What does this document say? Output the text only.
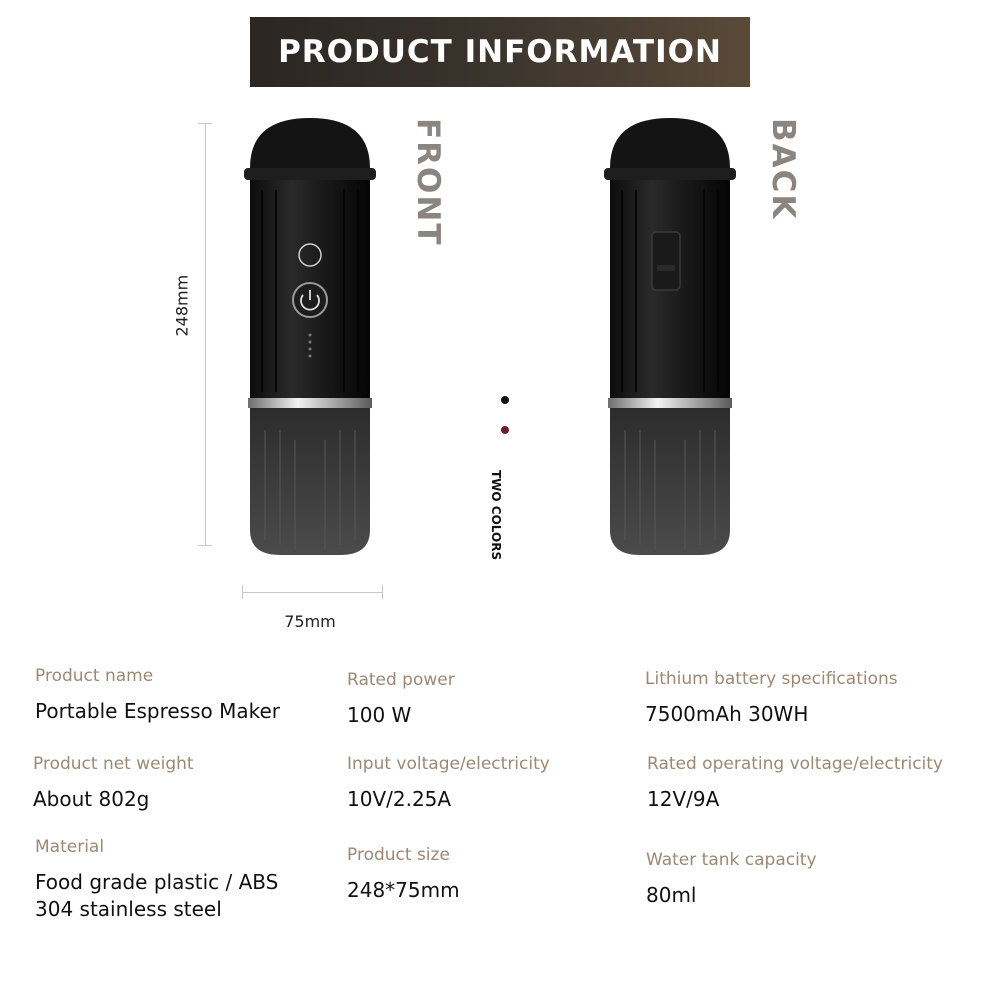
PRODUCT INFORMATION
248mm
75mm
FRONT	BACK
TWO COLORS
Product name
Portable Espresso Maker
Rated power
100 W
Lithium battery specifications
7500mAh 30WH
Product net weight
About 802g
Input voltage/electricity
10V/2.25A
Rated operating voltage/electricity
12V/9A
Material
Food grade plastic / ABS
304 stainless steel
Product size
248*75mm
Water tank capacity
80ml
